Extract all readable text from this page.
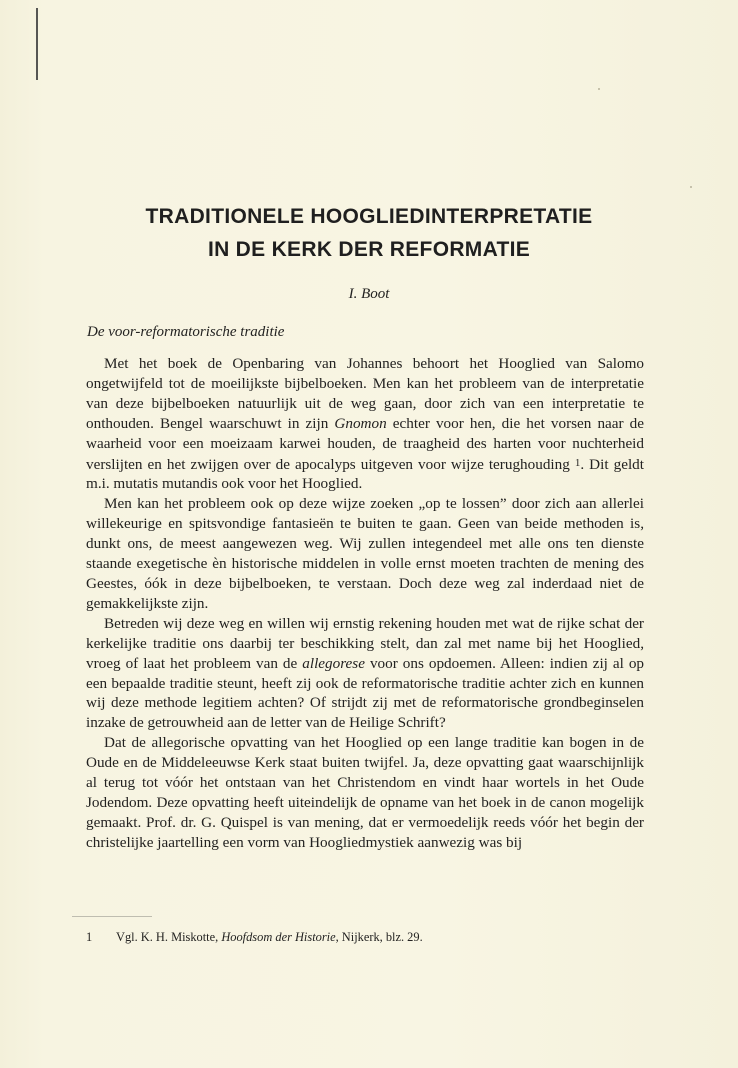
TRADITIONELE HOOGLIEDINTERPRETATIE
IN DE KERK DER REFORMATIE

I. Boot

De voor-reformatorische traditie

Met het boek de Openbaring van Johannes behoort het Hooglied van Salomo ongetwijfeld tot de moeilijkste bijbelboeken. Men kan het probleem van de interpretatie van deze bijbelboeken natuurlijk uit de weg gaan, door zich van een interpretatie te onthouden. Bengel waarschuwt in zijn Gnomon echter voor hen, die het vorsen naar de waarheid voor een moeizaam karwei houden, de traagheid des harten voor nuchterheid verslijten en het zwijgen over de apocalyps uitgeven voor wijze terughouding 1. Dit geldt m.i. mutatis mutandis ook voor het Hooglied.

Men kan het probleem ook op deze wijze zoeken „op te lossen” door zich aan allerlei willekeurige en spitsvondige fantasieën te buiten te gaan. Geen van beide methoden is, dunkt ons, de meest aangewezen weg. Wij zullen integendeel met alle ons ten dienste staande exegetische èn historische middelen in volle ernst moeten trachten de mening des Geestes, óók in deze bijbelboeken, te verstaan. Doch deze weg zal inderdaad niet de gemakkelijkste zijn.

Betreden wij deze weg en willen wij ernstig rekening houden met wat de rijke schat der kerkelijke traditie ons daarbij ter beschikking stelt, dan zal met name bij het Hooglied, vroeg of laat het probleem van de allegorese voor ons opdoemen. Alleen: indien zij al op een bepaalde traditie steunt, heeft zij ook de reformatorische traditie achter zich en kunnen wij deze methode legitiem achten? Of strijdt zij met de reformatorische grondbeginselen inzake de getrouwheid aan de letter van de Heilige Schrift?

Dat de allegorische opvatting van het Hooglied op een lange traditie kan bogen in de Oude en de Middeleeuwse Kerk staat buiten twijfel. Ja, deze opvatting gaat waarschijnlijk al terug tot vóór het ontstaan van het Christendom en vindt haar wortels in het Oude Jodendom. Deze opvatting heeft uiteindelijk de opname van het boek in de canon mogelijk gemaakt. Prof. dr. G. Quispel is van mening, dat er vermoedelijk reeds vóór het begin der christelijke jaartelling een vorm van Hoogliedmystiek aanwezig was bij

1 Vgl. K. H. Miskotte, Hoofdsom der Historie, Nijkerk, blz. 29.
